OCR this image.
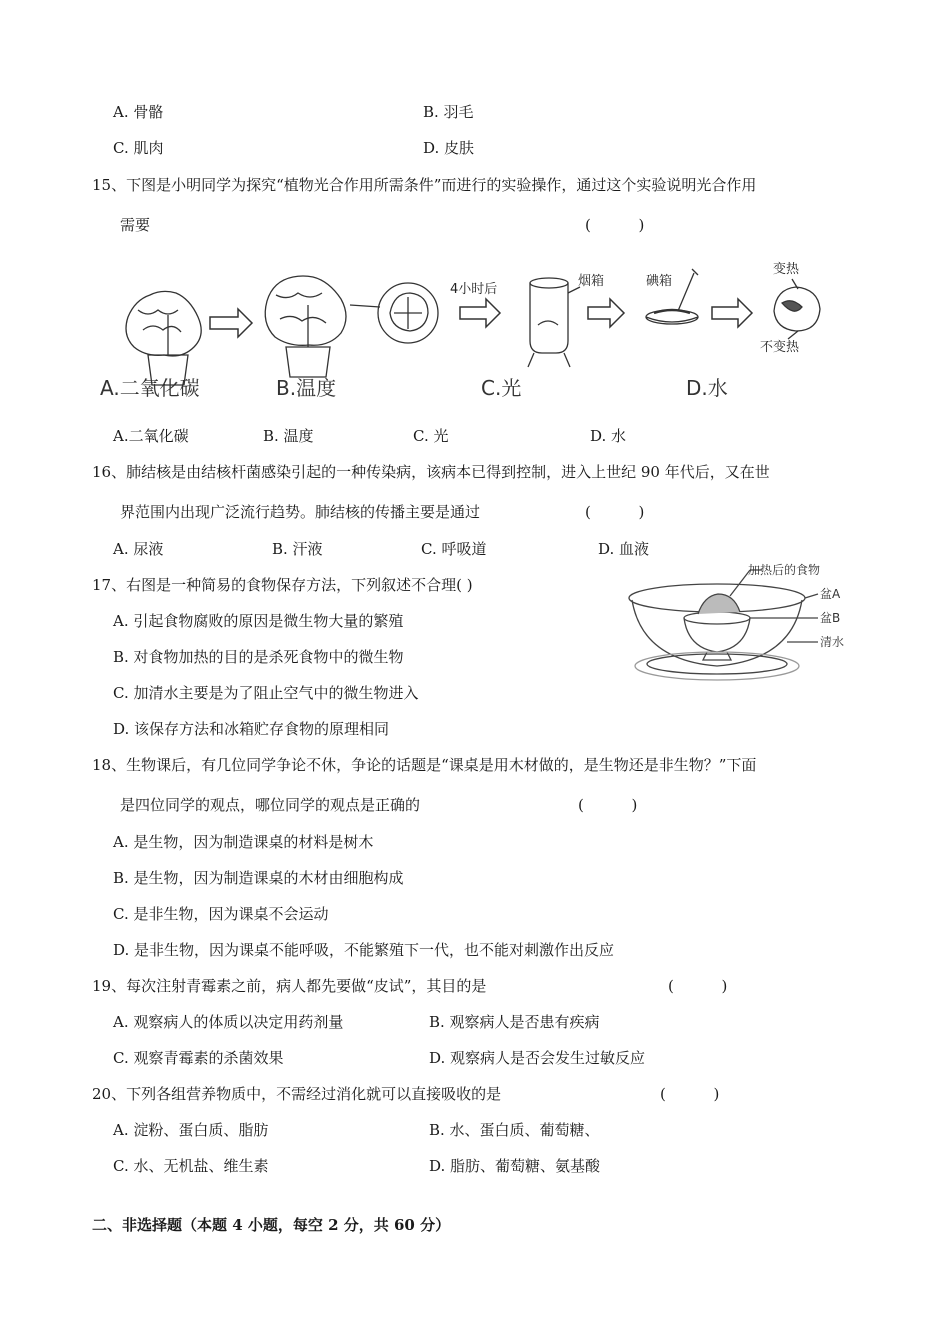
A. 骨骼	B. 羽毛
C. 肌肉	D. 皮肤
15、下图是小明同学为探究“植物光合作用所需条件”而进行的实验操作，通过这个实验说明光合作用
需要	(          )
4小时后
烟箱	碘箱
变热
不变热
A.二氧化碳	B.温度	C.光	D.水
A.二氧化碳	B. 温度	C. 光	D. 水
16、肺结核是由结核杆菌感染引起的一种传染病，该病本已得到控制，进入上世纪 90 年代后，又在世
界范围内出现广泛流行趋势。肺结核的传播主要是通过	(          )
A. 尿液	B. 汗液	C. 呼吸道	D. 血液
17、右图是一种简易的食物保存方法，下列叙述不合理( )
A. 引起食物腐败的原因是微生物大量的繁殖
B. 对食物加热的目的是杀死食物中的微生物
C. 加清水主要是为了阻止空气中的微生物进入
D. 该保存方法和冰箱贮存食物的原理相同
加热后的食物
盆A
盆B
清水
18、生物课后，有几位同学争论不休，争论的话题是“课桌是用木材做的，是生物还是非生物？”下面
是四位同学的观点，哪位同学的观点是正确的	(          )
A. 是生物，因为制造课桌的材料是树木
B. 是生物，因为制造课桌的木材由细胞构成
C. 是非生物，因为课桌不会运动
D. 是非生物，因为课桌不能呼吸，不能繁殖下一代，也不能对刺激作出反应
19、每次注射青霉素之前，病人都先要做“皮试”，其目的是	(          )
A. 观察病人的体质以决定用药剂量	B. 观察病人是否患有疾病
C. 观察青霉素的杀菌效果	D. 观察病人是否会发生过敏反应
20、下列各组营养物质中，不需经过消化就可以直接吸收的是	(          )
A. 淀粉、蛋白质、脂肪	B. 水、蛋白质、葡萄糖、
C. 水、无机盐、维生素	D. 脂肪、葡萄糖、氨基酸
二、非选择题（本题 4 小题，每空 2 分，共 60 分）
